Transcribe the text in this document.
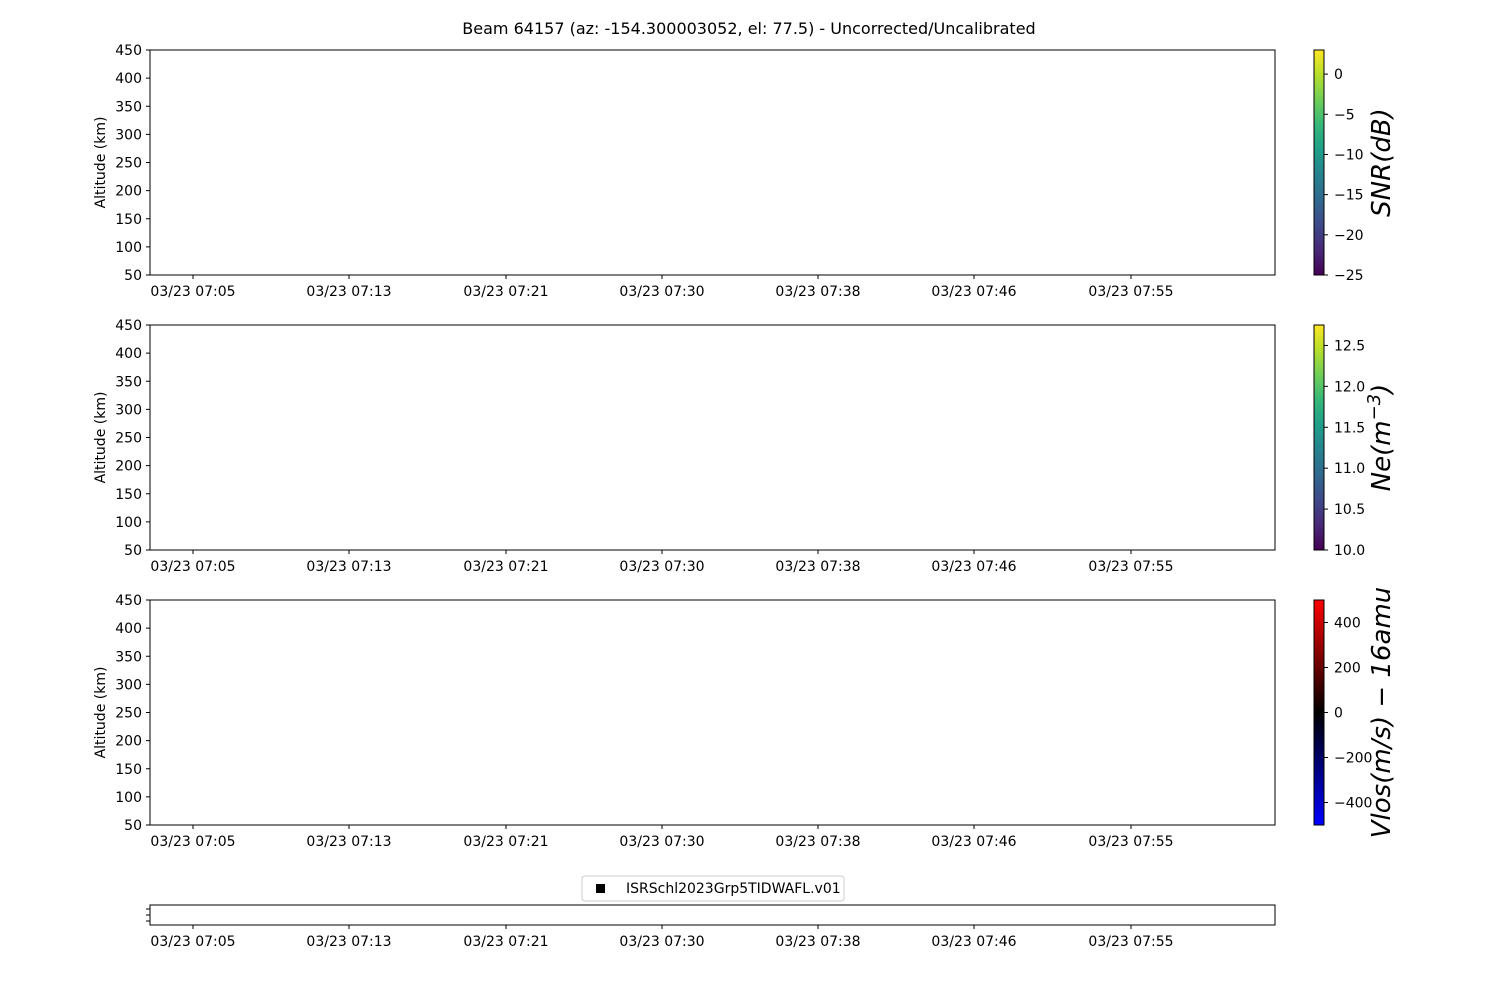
Beam 64157 (az: -154.300003052, el: 77.5) - Uncorrected/Uncalibrated
50
100
150
200
250
300
350
400
450
Altitude (km)
03/23 07:05	03/23 07:13	03/23 07:21	03/23 07:30	03/23 07:38	03/23 07:46	03/23 07:55
0
−5
−10
−15
−20
−25
SNR(dB)
50
100
150
200
250
300
350
400
450
Altitude (km)
03/23 07:05	03/23 07:13	03/23 07:21	03/23 07:30	03/23 07:38	03/23 07:46	03/23 07:55
12.5
12.0
11.5
11.0
10.5
10.0
$Ne(m^{-3})$
50
100
150
200
250
300
350
400
450
Altitude (km)
03/23 07:05	03/23 07:13	03/23 07:21	03/23 07:30	03/23 07:38	03/23 07:46	03/23 07:55
400
200
0
−200
−400
Vlos(m/s) − 16amu
03/23 07:05	03/23 07:13	03/23 07:21	03/23 07:30	03/23 07:38	03/23 07:46	03/23 07:55
ISRSchl2023Grp5TIDWAFL.v01
